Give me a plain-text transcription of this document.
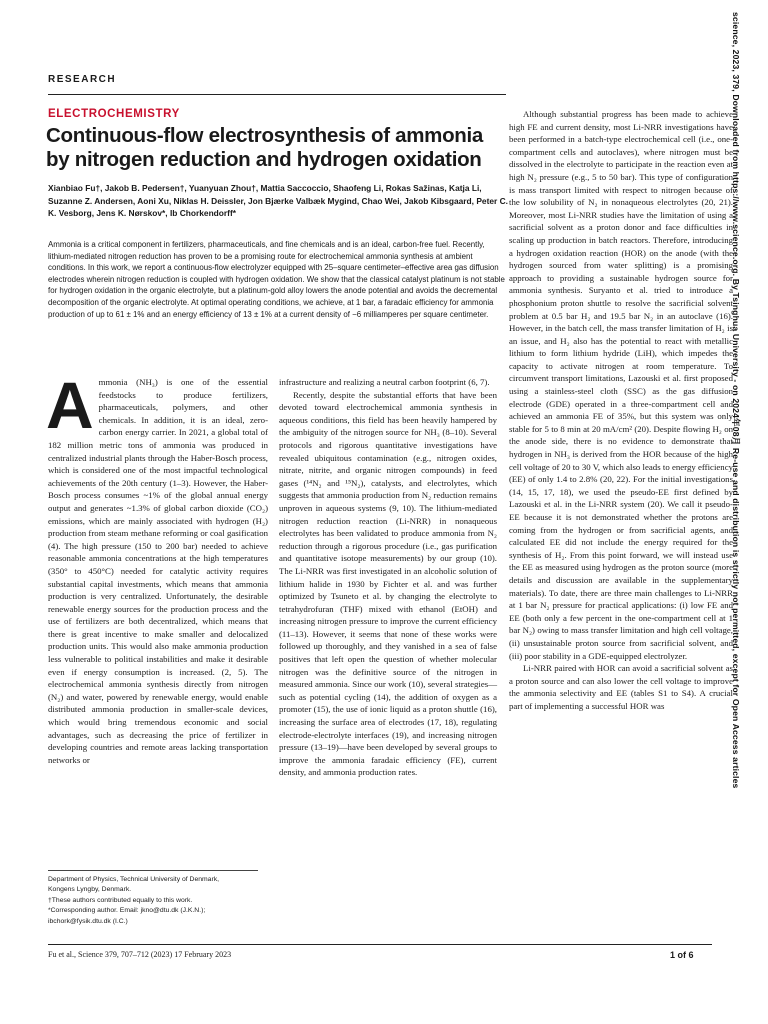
RESEARCH
ELECTROCHEMISTRY
Continuous-flow electrosynthesis of ammonia by nitrogen reduction and hydrogen oxidation
Xianbiao Fu†, Jakob B. Pedersen†, Yuanyuan Zhou†, Mattia Saccoccio, Shaofeng Li, Rokas Sažinas, Katja Li, Suzanne Z. Andersen, Aoni Xu, Niklas H. Deissler, Jon Bjærke Valbæk Mygind, Chao Wei, Jakob Kibsgaard, Peter C. K. Vesborg, Jens K. Nørskov*, Ib Chorkendorff*

Ammonia is a critical component in fertilizers, pharmaceuticals, and fine chemicals and is an ideal, carbon-free fuel. Recently, lithium-mediated nitrogen reduction has proven to be a promising route for electrochemical ammonia synthesis at ambient conditions. In this work, we report a continuous-flow electrolyzer equipped with 25–square centimeter–effective area gas diffusion electrodes wherein nitrogen reduction is coupled with hydrogen oxidation. We show that the classical catalyst platinum is not stable for hydrogen oxidation in the organic electrolyte, but a platinum-gold alloy lowers the anode potential and avoids the decremental decomposition of the organic electrolyte. At optimal operating conditions, we achieve, at 1 bar, a faradaic efficiency for ammonia production of up to 61 ± 1% and an energy efficiency of 13 ± 1% at a current density of −6 milliamperes per square centimeter.

A mmonia (NH₃) is one of the essential feedstocks to produce fertilizers, pharmaceuticals, polymers, and other chemicals. In addition, it is an ideal, zero-carbon energy carrier. In 2021, a global total of 182 million metric tons of ammonia was produced in centralized industrial plants through the Haber-Bosch process, which is considered one of the most impactful technological achievements of the 20th century (1–3). However, the Haber-Bosch process consumes ~1% of the global annual energy output and generates ~1.3% of global carbon dioxide (CO₂) emissions, which are mainly associated with hydrogen (H₂) production from steam methane reforming or coal gasification (4). The high pressure (150 to 200 bar) needed to achieve reasonable ammonia concentrations at the high temperatures (350° to 450°C) needed for catalytic activity requires substantial capital investments, which means that ammonia production is very centralized. Unfortunately, the desirable renewable energy sources for the production process and the use of fertilizers are both decentralized, which means that there is great incentive to make smaller and delocalized production units. This would also make ammonia production less vulnerable to political instabilities and make it desirable even if energy consumption is increased. (2, 5). The electrochemical ammonia synthesis directly from nitrogen (N₂) and water, powered by renewable energy, would enable distributed ammonia production in smaller-scale devices, which would bring tremendous economic and social advantages, such as decreasing the price of fertilizer in developing countries and remote areas lacking transportation networks or

infrastructure and realizing a neutral carbon footprint (6, 7).

Recently, despite the substantial efforts that have been devoted toward electrochemical ammonia synthesis in aqueous conditions, this field has been heavily hampered by the ambiguity of the nitrogen source for NH₃ (8–10). Several protocols and rigorous quantitative investigations have revealed ubiquitous contamination (e.g., nitrogen oxides, nitrate, nitrite, and organic nitrogen compounds) in feed gases (¹⁴N₂ and ¹⁵N₂), catalysts, and electrolytes, which suggests that ammonia production from N₂ reduction remains unproven in aqueous systems (9, 10). The lithium-mediated nitrogen reduction reaction (Li-NRR) in nonaqueous electrolytes has been validated to produce ammonia from N₂ reduction through a rigorous procedure (i.e., gas purification and quantitative isotope measurements) by our group (10). The Li-NRR was first investigated in an alcoholic solution of lithium halide in 1930 by Fichter et al. and was further optimized by Tsuneto et al. by changing the electrolyte to tetrahydrofuran (THF) mixed with ethanol (EtOH) and increasing nitrogen pressure to improve the current efficiency (11–13). However, it seems that none of these works were followed up thoroughly, and they vanished in a sea of false positives that left open the question of whether molecular nitrogen was the definitive source of the nitrogen in measured ammonia. Since our work (10), several strategies—such as potential cycling (14), the addition of oxygen as a promoter (15), the use of ionic liquid as a proton shuttle (16), increasing the surface area of electrodes (17, 18), regulating electrode-electrolyte interfaces (19), and increasing nitrogen pressure (13–19)—have been developed by several groups to improve the ammonia faradaic efficiency (FE), current density, and ammonia production rates.

Although substantial progress has been made to achieve high FE and current density, most Li-NRR investigations have been performed in a batch-type electrochemical cell (i.e., one-compartment cells and autoclaves), where nitrogen must be dissolved in the electrolyte to participate in the reaction even at high N₂ pressure (e.g., 5 to 50 bar). This type of configuration is mass transport limited with respect to nitrogen because of the low solubility of N₂ in nonaqueous electrolytes (20, 21). Moreover, most Li-NRR studies have the limitation of using a sacrificial solvent as a proton donor and face difficulties in scaling up production in batch reactors. Therefore, introducing a hydrogen oxidation reaction (HOR) on the anode (with the hydrogen sourced from water splitting) is a promising approach to providing a sustainable hydrogen source for ammonia synthesis. Suryanto et al. tried to introduce a phosphonium proton shuttle to resolve the sacrificial solvent problem at 0.5 bar H₂ and 19.5 bar N₂ in an autoclave (16). However, in the batch cell, the mass transfer limitation of H₂ is an issue, and H₂ also has the potential to react with metallic lithium to form lithium hydride (LiH), which impedes the capacity to activate nitrogen at room temperature. To circumvent transport limitations, Lazouski et al. first proposed using a stainless-steel cloth (SSC) as the gas diffusion electrode (GDE) operated in a three-compartment cell and achieved an ammonia FE of 35%, but this system was only stable for 5 to 8 min at 20 mA/cm² (20). Despite flowing H₂ on the anode side, there is no evidence to demonstrate that hydrogen in NH₃ is derived from the HOR because of the high cell voltage of 20 to 30 V, which also leads to energy efficiency (EE) of only 1.4 to 2.8% (20, 22). For the initial investigations (14, 15, 17, 18), we used the pseudo-EE first defined by Lazouski et al. in the Li-NRR system (20). We call it pseudo-EE because it is not demonstrated whether the protons are coming from the hydrogen or from sacrificial agents, and calculated EE did not include the energy required for the synthesis of H₂. From this point forward, we will instead use the EE as measured using hydrogen as the proton source (more details and discussion are available in the supplementary materials). To date, there are three main challenges to Li-NRR at 1 bar N₂ pressure for practical applications: (i) low FE and EE (both only a few percent in the one-compartment cell at 1 bar N₂) owing to mass transfer limitation and high cell voltage, (ii) unsustainable proton source from sacrificial solvent, and (iii) poor stability in a GDE-equipped electrolyzer.

Li-NRR paired with HOR can avoid a sacrificial solvent as a proton source and can also lower the cell voltage to improve the ammonia selectivity and EE (tables S1 to S4). A crucial part of implementing a successful HOR was

Department of Physics, Technical University of Denmark,
Kongens Lyngby, Denmark.
†These authors contributed equally to this work.
*Corresponding author. Email: jkno@dtu.dk (J.K.N.);
ibchork@fysik.dtu.dk (I.C.)
Fu et al., Science 379, 707–712 (2023) 17 February 2023	1 of 6
science, 2023, 379, Downloaded from https://www.science.org. By Tsinghua University - on 2024年08月 Re-use and distribution is strictly not permitted, except for Open Access articles
